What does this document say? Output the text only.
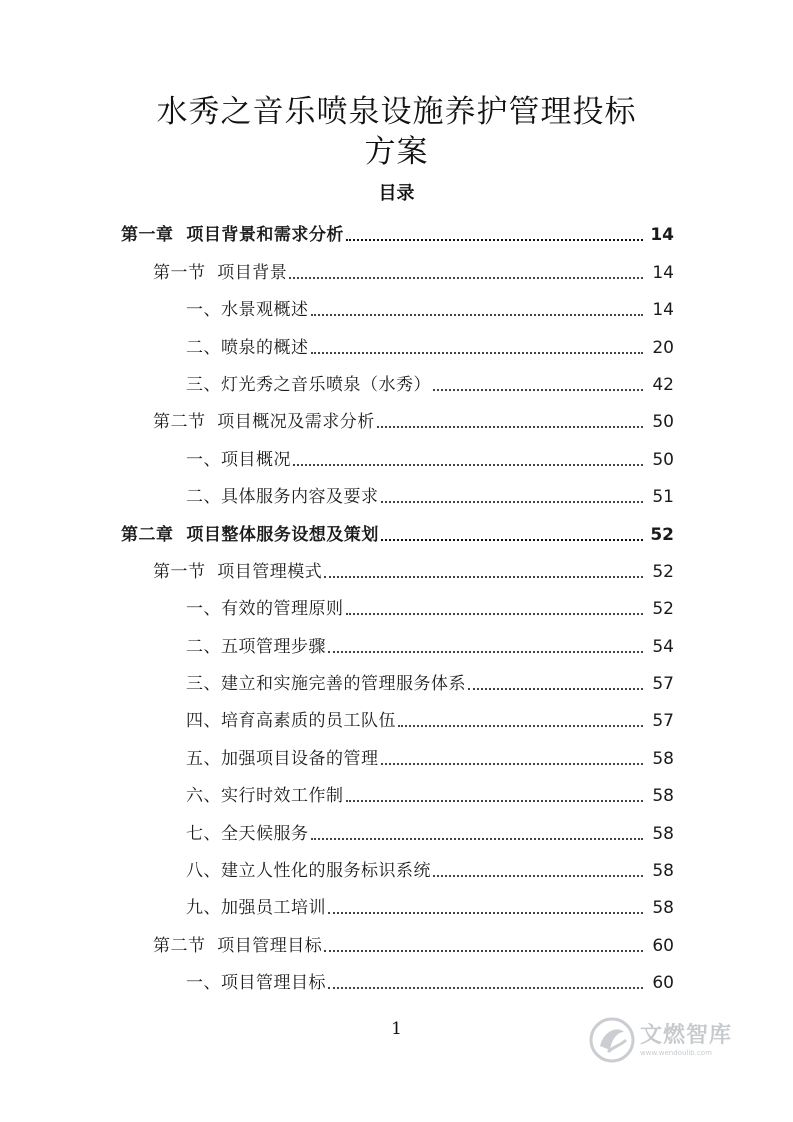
水秀之音乐喷泉设施养护管理投标
方案
目录
第一章  项目背景和需求分析	14
第一节  项目背景	14
一、水景观概述	14
二、喷泉的概述	20
三、灯光秀之音乐喷泉（水秀）	42
第二节  项目概况及需求分析	50
一、项目概况	50
二、具体服务内容及要求	51
第二章  项目整体服务设想及策划	52
第一节  项目管理模式	52
一、有效的管理原则	52
二、五项管理步骤	54
三、建立和实施完善的管理服务体系	57
四、培育高素质的员工队伍	57
五、加强项目设备的管理	58
六、实行时效工作制	58
七、全天候服务	58
八、建立人性化的服务标识系统	58
九、加强员工培训	58
第二节  项目管理目标	60
一、项目管理目标	60
1	文燃智库
www.wendoulib.com
